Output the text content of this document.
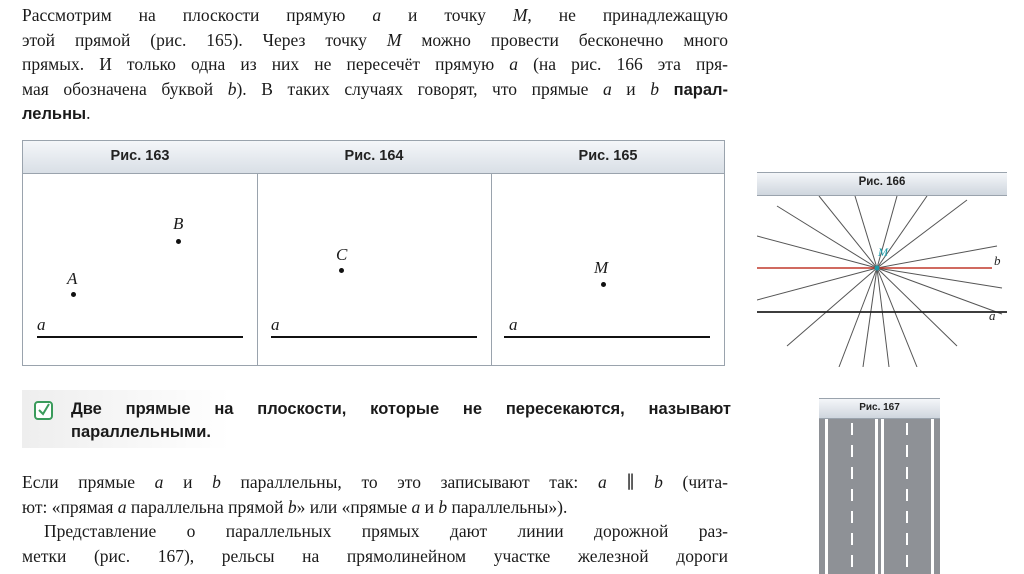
Рассмотрим на плоскости прямую a и точку M, не принадлежащую
этой прямой (рис. 165). Через точку M можно провести бесконечно много
прямых. И только одна из них не пересечёт прямую a (на рис. 166 эта пря-
мая обозначена буквой b). В таких случаях говорят, что прямые a и b парал-
лельны.
Рис. 163	Рис. 164	Рис. 165
B
A
a
C
a
M
a
Рис. 166
M
b
a
Две прямые на плоскости, которые не пересекаются, называют
параллельными.
Если прямые a и b параллельны, то это записывают так: a ∥ b (чита-
ют: «прямая a параллельна прямой b» или «прямые a и b параллельны»).
Представление о параллельных прямых дают линии дорожной раз-
метки (рис. 167), рельсы на прямолинейном участке железной дороги
Рис. 167
